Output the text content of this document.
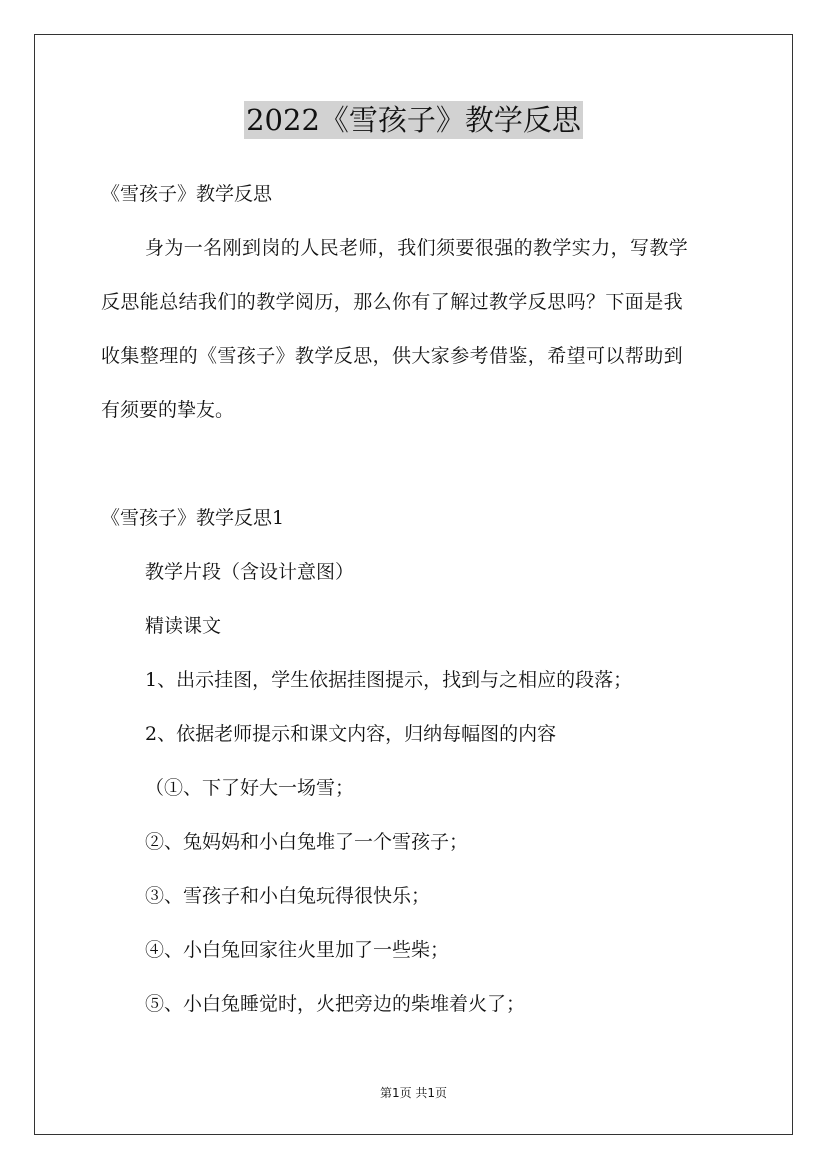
2022《雪孩子》教学反思
《雪孩子》教学反思
身为一名刚到岗的人民老师，我们须要很强的教学实力，写教学
反思能总结我们的教学阅历，那么你有了解过教学反思吗？下面是我
收集整理的《雪孩子》教学反思，供大家参考借鉴，希望可以帮助到
有须要的挚友。
《雪孩子》教学反思1
教学片段（含设计意图）
精读课文
1、出示挂图，学生依据挂图提示，找到与之相应的段落；
2、依据老师提示和课文内容，归纳每幅图的内容
（①、下了好大一场雪；
②、兔妈妈和小白兔堆了一个雪孩子；
③、雪孩子和小白兔玩得很快乐；
④、小白兔回家往火里加了一些柴；
⑤、小白兔睡觉时，火把旁边的柴堆着火了；
第1页 共1页
